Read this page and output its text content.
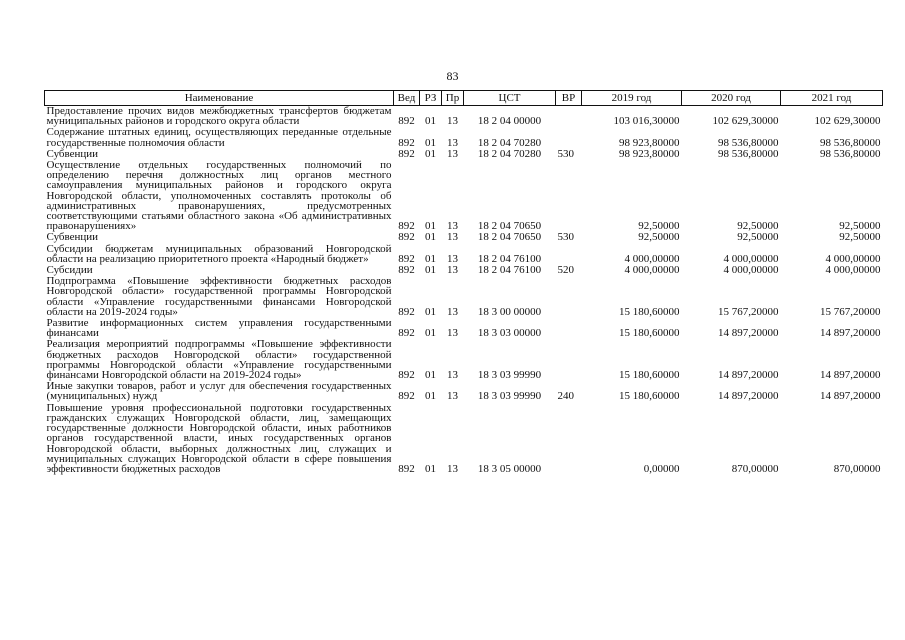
83
Наименование	Вед	РЗ	Пр	ЦСТ	ВР	2019 год	2020 год	2021 год
Предоставление прочих видов межбюджетных трансфертов бюджетам муниципальных районов и городского округа области	892	01	13	18 2 04 00000		103 016,30000	102 629,30000	102 629,30000
Содержание штатных единиц, осуществляющих переданные отдельные государственные полномочия области	892	01	13	18 2 04 70280		98 923,80000	98 536,80000	98 536,80000
Субвенции	892	01	13	18 2 04 70280	530	98 923,80000	98 536,80000	98 536,80000
Осуществление отдельных государственных полномочий по определению перечня должностных лиц органов местного самоуправления муниципальных районов и городского округа Новгородской области, уполномоченных составлять протоколы об административных правонарушениях, предусмотренных соответствующими статьями областного закона «Об административных правонарушениях»	892	01	13	18 2 04 70650		92,50000	92,50000	92,50000
Субвенции	892	01	13	18 2 04 70650	530	92,50000	92,50000	92,50000
Субсидии бюджетам муниципальных образований Новгородской области на реализацию приоритетного проекта «Народный бюджет»	892	01	13	18 2 04 76100		4 000,00000	4 000,00000	4 000,00000
Субсидии	892	01	13	18 2 04 76100	520	4 000,00000	4 000,00000	4 000,00000
Подпрограмма «Повышение эффективности бюджетных расходов Новгородской области» государственной программы Новгородской области «Управление государственными финансами Новгородской области на 2019-2024 годы»	892	01	13	18 3 00 00000		15 180,60000	15 767,20000	15 767,20000
Развитие информационных систем управления государственными финансами	892	01	13	18 3 03 00000		15 180,60000	14 897,20000	14 897,20000
Реализация мероприятий подпрограммы «Повышение эффективности бюджетных расходов Новгородской области» государственной программы Новгородской области «Управление государственными финансами Новгородской области на 2019-2024 годы»	892	01	13	18 3 03 99990		15 180,60000	14 897,20000	14 897,20000
Иные закупки товаров, работ и услуг для обеспечения государственных (муниципальных) нужд	892	01	13	18 3 03 99990	240	15 180,60000	14 897,20000	14 897,20000
Повышение уровня профессиональной подготовки государственных гражданских служащих Новгородской области, лиц, замещающих государственные должности Новгородской области, иных работников органов государственной власти, иных государственных органов Новгородской области, выборных должностных лиц, служащих и муниципальных служащих Новгородской области в сфере повышения эффективности бюджетных расходов	892	01	13	18 3 05 00000		0,00000	870,00000	870,00000
